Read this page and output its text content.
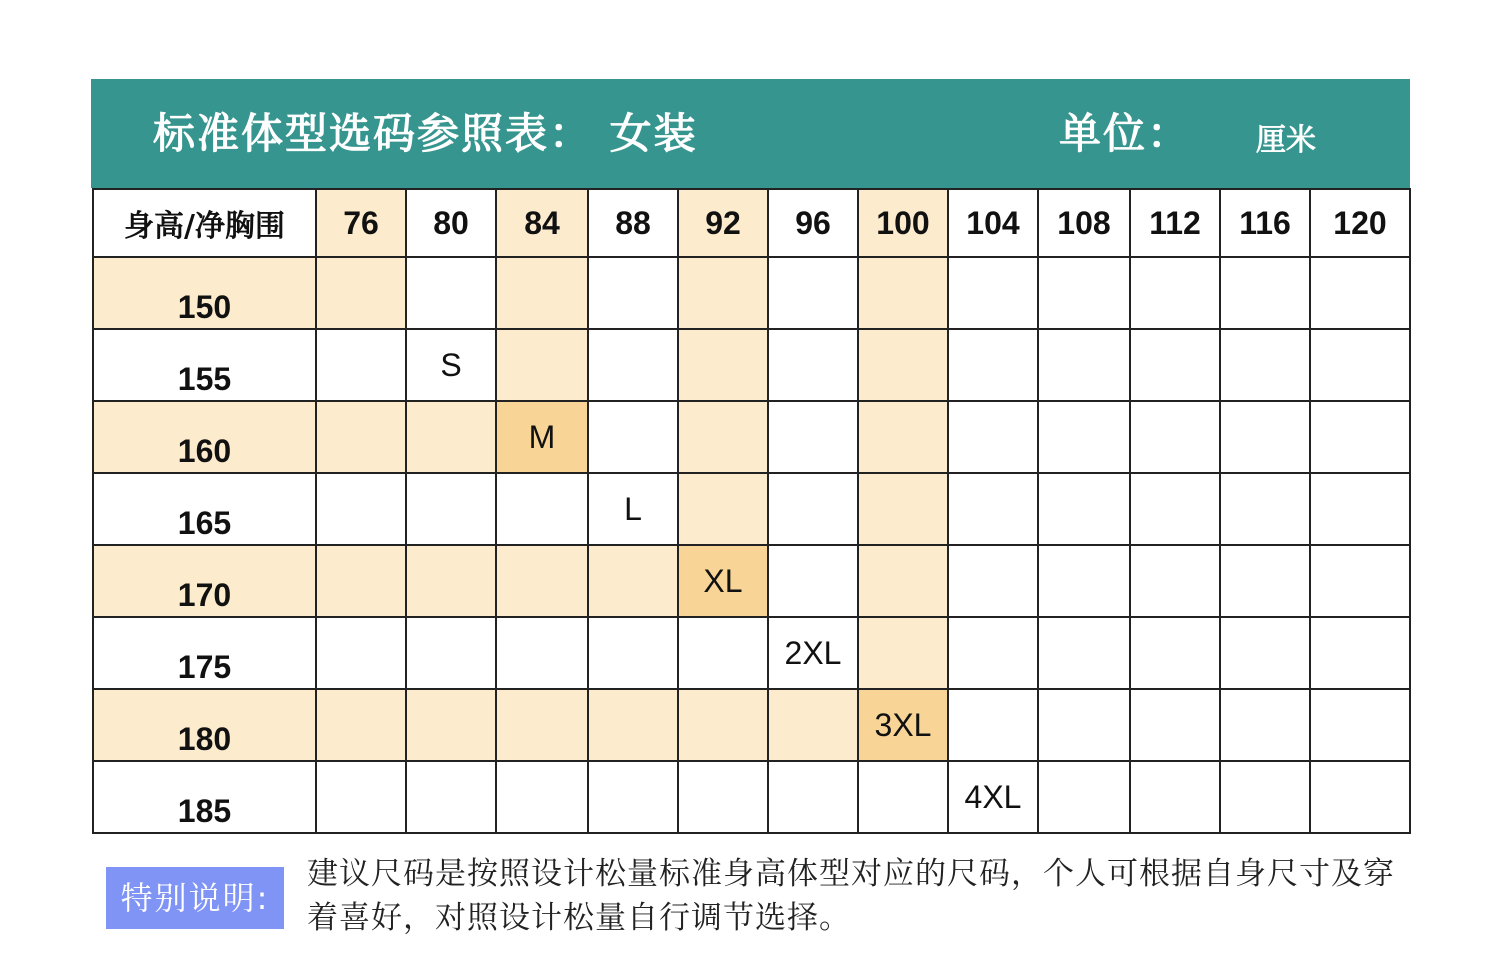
标准体型选码参照表： 女装	单位： 厘米
身高/净胸围	76	80	84	88	92	96	100	104	108	112	116	120
150												
155		S										
160			M									
165				L								
170					XL							
175						2XL						
180							3XL					
185								4XL				
特别说明:
建议尺码是按照设计松量标准身高体型对应的尺码，个人可根据自身尺寸及穿着喜好，对照设计松量自行调节选择。
